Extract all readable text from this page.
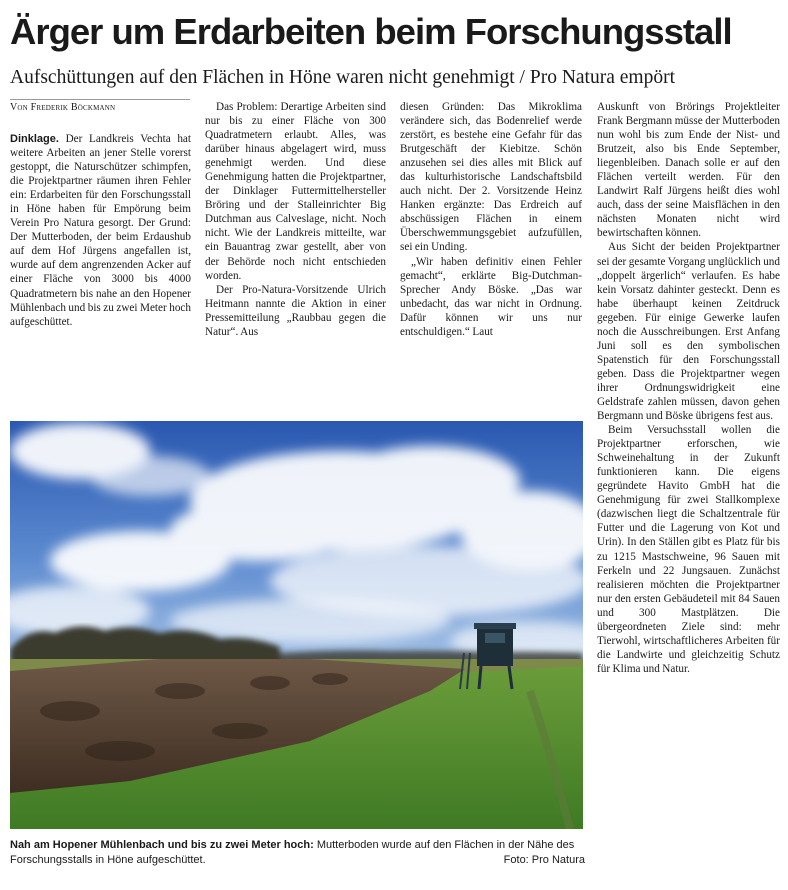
Ärger um Erdarbeiten beim Forschungsstall
Aufschüttungen auf den Flächen in Höne waren nicht genehmigt / Pro Natura empört
Von Frederik Böckmann

Dinklage. Der Landkreis Vechta hat weitere Arbeiten an jener Stelle vorerst gestoppt, die Naturschützer schimpfen, die Projektpartner räumen ihren Fehler ein: Erdarbeiten für den Forschungsstall in Höne haben für Empörung beim Verein Pro Natura gesorgt. Der Grund: Der Mutterboden, der beim Erdaushub auf dem Hof Jürgens angefallen ist, wurde auf dem angrenzenden Acker auf einer Fläche von 3000 bis 4000 Quadratmetern bis nahe an den Hopener Mühlenbach und bis zu zwei Meter hoch aufgeschüttet.

Das Problem: Derartige Arbeiten sind nur bis zu einer Fläche von 300 Quadratmetern erlaubt. Alles, was darüber hinaus abgelagert wird, muss genehmigt werden. Und diese Genehmigung hatten die Projektpartner, der Dinklager Futtermittelhersteller Bröring und der Stalleinrichter Big Dutchman aus Calveslage, nicht. Noch nicht. Wie der Landkreis mitteilte, war ein Bauantrag zwar gestellt, aber von der Behörde noch nicht entschieden worden.

Der Pro-Natura-Vorsitzende Ulrich Heitmann nannte die Aktion in einer Pressemitteilung „Raubbau gegen die Natur“. Aus

diesen Gründen: Das Mikroklima verändere sich, das Bodenrelief werde zerstört, es bestehe eine Gefahr für das Brutgeschäft der Kiebitze. Schön anzusehen sei dies alles mit Blick auf das kulturhistorische Landschaftsbild auch nicht. Der 2. Vorsitzende Heinz Hanken ergänzte: Das Erdreich auf abschüssigen Flächen in einem Überschwemmungsgebiet aufzufüllen, sei ein Unding.

„Wir haben definitiv einen Fehler gemacht“, erklärte Big-Dutchman-Sprecher Andy Böske. „Das war unbedacht, das war nicht in Ordnung. Dafür können wir uns nur entschuldigen.“ Laut

Auskunft von Brörings Projektleiter Frank Bergmann müsse der Mutterboden nun wohl bis zum Ende der Nist- und Brutzeit, also bis Ende September, liegenbleiben. Danach solle er auf den Flächen verteilt werden. Für den Landwirt Ralf Jürgens heißt dies wohl auch, dass der seine Maisflächen in den nächsten Monaten nicht wird bewirtschaften können.

Aus Sicht der beiden Projektpartner sei der gesamte Vorgang unglücklich und „doppelt ärgerlich“ verlaufen. Es habe kein Vorsatz dahinter gesteckt. Denn es habe überhaupt keinen Zeitdruck gegeben. Für einige Gewerke laufen noch die Ausschreibungen. Erst Anfang Juni soll es den symbolischen Spatenstich für den Forschungsstall geben. Dass die Projektpartner wegen ihrer Ordnungswidrigkeit eine Geldstrafe zahlen müssen, davon gehen Bergmann und Böske übrigens fest aus.

Beim Versuchsstall wollen die Projektpartner erforschen, wie Schweinehaltung in der Zukunft funktionieren kann. Die eigens gegründete Havito GmbH hat die Genehmigung für zwei Stallkomplexe (dazwischen liegt die Schaltzentrale für Futter und die Lagerung von Kot und Urin). In den Ställen gibt es Platz für bis zu 1215 Mastschweine, 96 Sauen mit Ferkeln und 22 Jungsauen. Zunächst realisieren möchten die Projektpartner nur den ersten Gebäudeteil mit 84 Sauen und 300 Mastplätzen. Die übergeordneten Ziele sind: mehr Tierwohl, wirtschaftlicheres Arbeiten für die Landwirte und gleichzeitig Schutz für Klima und Natur.

Nah am Hopener Mühlenbach und bis zu zwei Meter hoch: Mutterboden wurde auf den Flächen in der Nähe des Forschungsstalls in Höne aufgeschüttet.	Foto: Pro Natura
